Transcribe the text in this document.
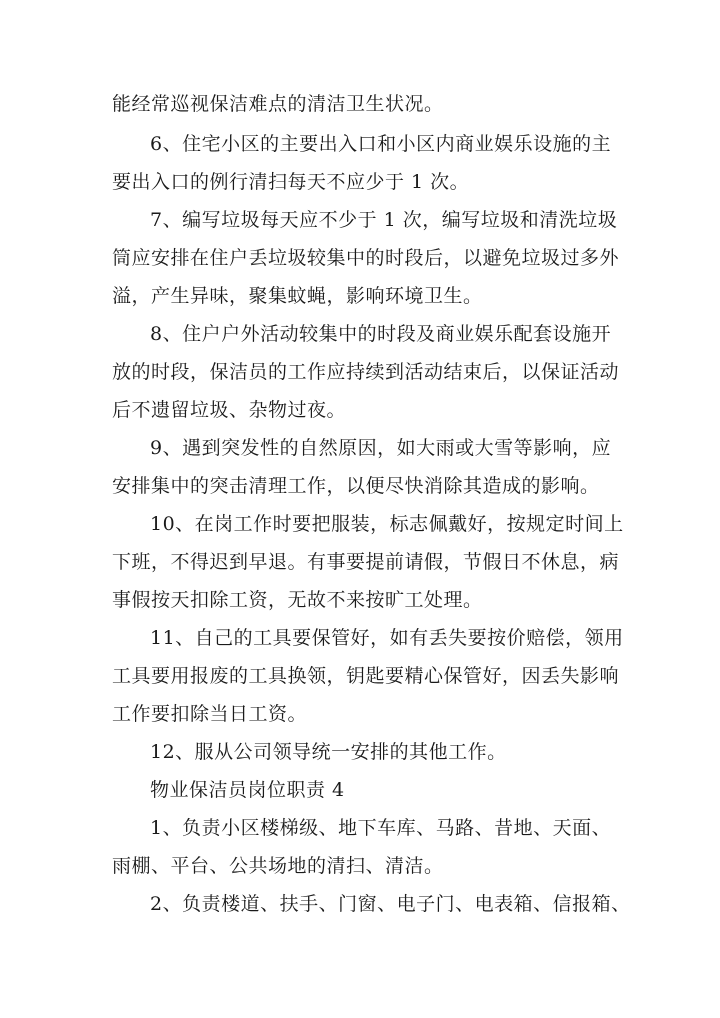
能经常巡视保洁难点的清洁卫生状况。
6、住宅小区的主要出入口和小区内商业娱乐设施的主
要出入口的例行清扫每天不应少于 1 次。
7、编写垃圾每天应不少于 1 次，编写垃圾和清洗垃圾
筒应安排在住户丢垃圾较集中的时段后，以避免垃圾过多外
溢，产生异味，聚集蚊蝇，影响环境卫生。
8、住户户外活动较集中的时段及商业娱乐配套设施开
放的时段，保洁员的工作应持续到活动结束后，以保证活动
后不遗留垃圾、杂物过夜。
9、遇到突发性的自然原因，如大雨或大雪等影响，应
安排集中的突击清理工作，以便尽快消除其造成的影响。
10、在岗工作时要把服装，标志佩戴好，按规定时间上
下班，不得迟到早退。有事要提前请假，节假日不休息，病
事假按天扣除工资，无故不来按旷工处理。
11、自己的工具要保管好，如有丢失要按价赔偿，领用
工具要用报废的工具换领，钥匙要精心保管好，因丢失影响
工作要扣除当日工资。
12、服从公司领导统一安排的其他工作。
物业保洁员岗位职责 4
1、负责小区楼梯级、地下车库、马路、昔地、天面、
雨棚、平台、公共场地的清扫、清洁。
2、负责楼道、扶手、门窗、电子门、电表箱、信报箱、
